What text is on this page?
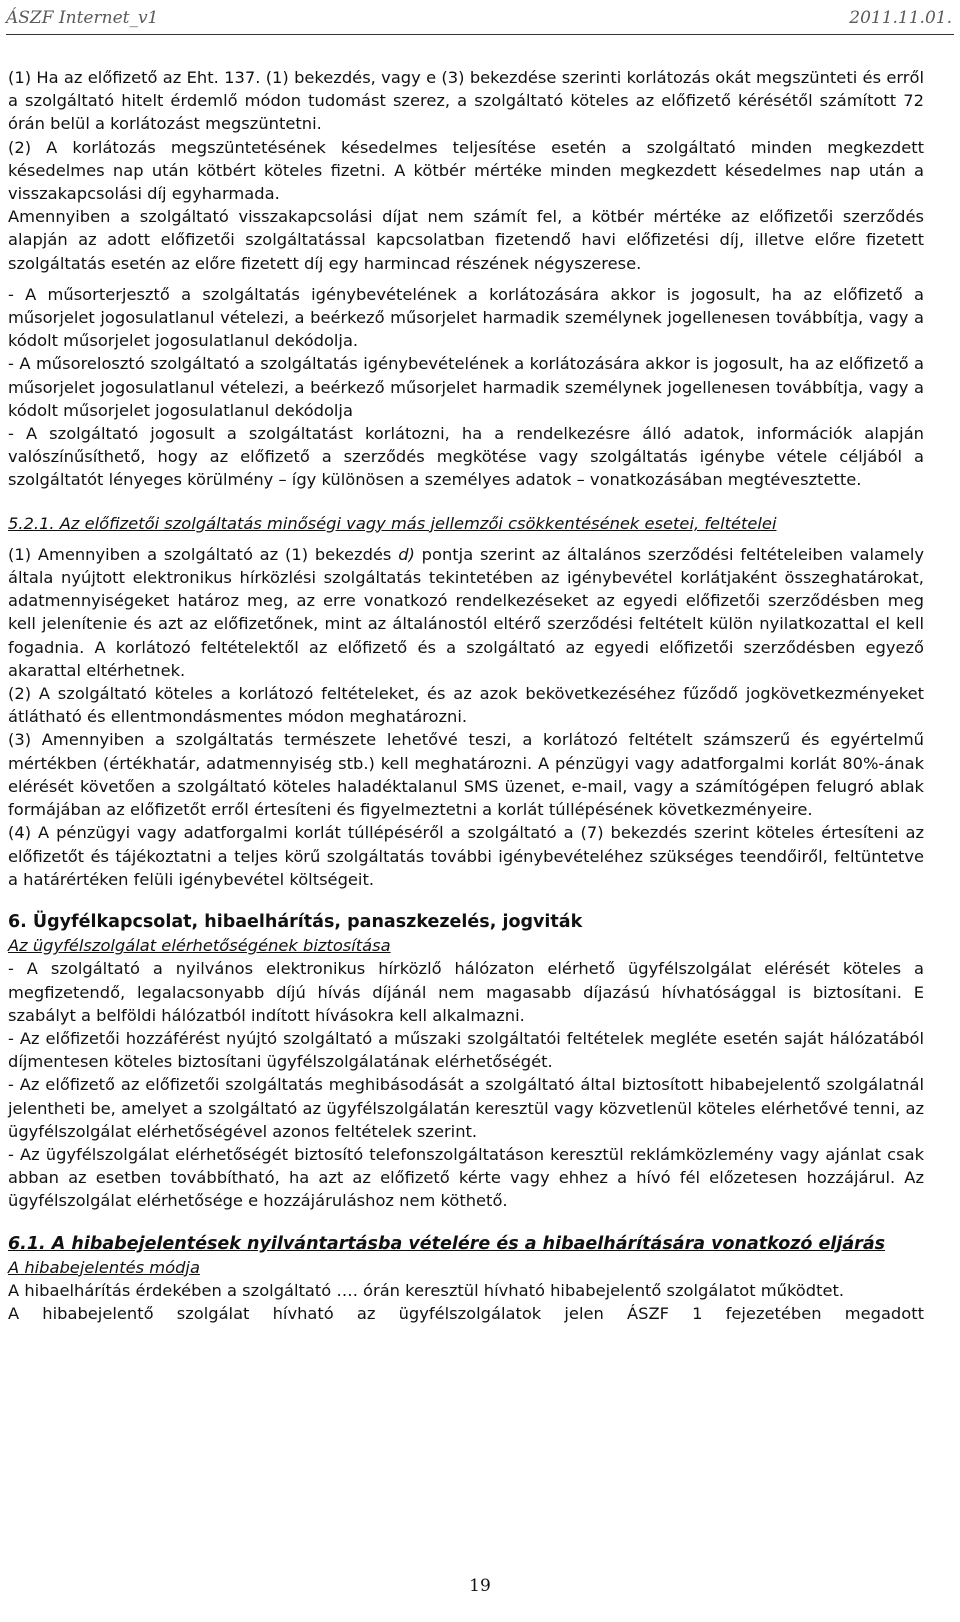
ÁSZF Internet_v1	2011.11.01.

(1) Ha az előfizető az Eht. 137. (1) bekezdés, vagy e (3) bekezdése szerinti korlátozás okát megszünteti és erről a szolgáltató hitelt érdemlő módon tudomást szerez, a szolgáltató köteles az előfizető kérésétől számított 72 órán belül a korlátozást megszüntetni.

(2) A korlátozás megszüntetésének késedelmes teljesítése esetén a szolgáltató minden megkezdett késedelmes nap után kötbért köteles fizetni. A kötbér mértéke minden megkezdett késedelmes nap után a visszakapcsolási díj egyharmada.

Amennyiben a szolgáltató visszakapcsolási díjat nem számít fel, a kötbér mértéke az előfizetői szerződés alapján az adott előfizetői szolgáltatással kapcsolatban fizetendő havi előfizetési díj, illetve előre fizetett szolgáltatás esetén az előre fizetett díj egy harmincad részének négyszerese.

- A műsorterjesztő a szolgáltatás igénybevételének a korlátozására akkor is jogosult, ha az előfizető a műsorjelet jogosulatlanul vételezi, a beérkező műsorjelet harmadik személynek jogellenesen továbbítja, vagy a kódolt műsorjelet jogosulatlanul dekódolja.

- A műsorelosztó szolgáltató a szolgáltatás igénybevételének a korlátozására akkor is jogosult, ha az előfizető a műsorjelet jogosulatlanul vételezi, a beérkező műsorjelet harmadik személynek jogellenesen továbbítja, vagy a kódolt műsorjelet jogosulatlanul dekódolja

- A szolgáltató jogosult a szolgáltatást korlátozni, ha a rendelkezésre álló adatok, információk alapján valószínűsíthető, hogy az előfizető a szerződés megkötése vagy szolgáltatás igénybe vétele céljából a szolgáltatót lényeges körülmény – így különösen a személyes adatok – vonatkozásában megtévesztette.

5.2.1. Az előfizetői szolgáltatás minőségi vagy más jellemzői csökkentésének esetei, feltételei

(1) Amennyiben a szolgáltató az (1) bekezdés d) pontja szerint az általános szerződési feltételeiben valamely általa nyújtott elektronikus hírközlési szolgáltatás tekintetében az igénybevétel korlátjaként összeghatárokat, adatmennyiségeket határoz meg, az erre vonatkozó rendelkezéseket az egyedi előfizetői szerződésben meg kell jelenítenie és azt az előfizetőnek, mint az általánostól eltérő szerződési feltételt külön nyilatkozattal el kell fogadnia. A korlátozó feltételektől az előfizető és a szolgáltató az egyedi előfizetői szerződésben egyező akarattal eltérhetnek.

(2) A szolgáltató köteles a korlátozó feltételeket, és az azok bekövetkezéséhez fűződő jogkövetkezményeket átlátható és ellentmondásmentes módon meghatározni.

(3) Amennyiben a szolgáltatás természete lehetővé teszi, a korlátozó feltételt számszerű és egyértelmű mértékben (értékhatár, adatmennyiség stb.) kell meghatározni. A pénzügyi vagy adatforgalmi korlát 80%-ának elérését követően a szolgáltató köteles haladéktalanul SMS üzenet, e-mail, vagy a számítógépen felugró ablak formájában az előfizetőt erről értesíteni és figyelmeztetni a korlát túllépésének következményeire.

(4) A pénzügyi vagy adatforgalmi korlát túllépéséről a szolgáltató a (7) bekezdés szerint köteles értesíteni az előfizetőt és tájékoztatni a teljes körű szolgáltatás további igénybevételéhez szükséges teendőiről, feltüntetve a határértéken felüli igénybevétel költségeit.

6. Ügyfélkapcsolat, hibaelhárítás, panaszkezelés, jogviták

Az ügyfélszolgálat elérhetőségének biztosítása

- A szolgáltató a nyilvános elektronikus hírközlő hálózaton elérhető ügyfélszolgálat elérését köteles a megfizetendő, legalacsonyabb díjú hívás díjánál nem magasabb díjazású hívhatósággal is biztosítani. E szabályt a belföldi hálózatból indított hívásokra kell alkalmazni.

- Az előfizetői hozzáférést nyújtó szolgáltató a műszaki szolgáltatói feltételek megléte esetén saját hálózatából díjmentesen köteles biztosítani ügyfélszolgálatának elérhetőségét.

- Az előfizető az előfizetői szolgáltatás meghibásodását a szolgáltató által biztosított hibabejelentő szolgálatnál jelentheti be, amelyet a szolgáltató az ügyfélszolgálatán keresztül vagy közvetlenül köteles elérhetővé tenni, az ügyfélszolgálat elérhetőségével azonos feltételek szerint.

- Az ügyfélszolgálat elérhetőségét biztosító telefonszolgáltatáson keresztül reklámközlemény vagy ajánlat csak abban az esetben továbbítható, ha azt az előfizető kérte vagy ehhez a hívó fél előzetesen hozzájárul. Az ügyfélszolgálat elérhetősége e hozzájáruláshoz nem köthető.

6.1. A hibabejelentések nyilvántartásba vételére és a hibaelhárítására vonatkozó eljárás

A hibabejelentés módja

A hibaelhárítás érdekében a szolgáltató …. órán keresztül hívható hibabejelentő szolgálatot működtet.

A hibabejelentő szolgálat hívható az ügyfélszolgálatok jelen ÁSZF 1 fejezetében megadott

19
